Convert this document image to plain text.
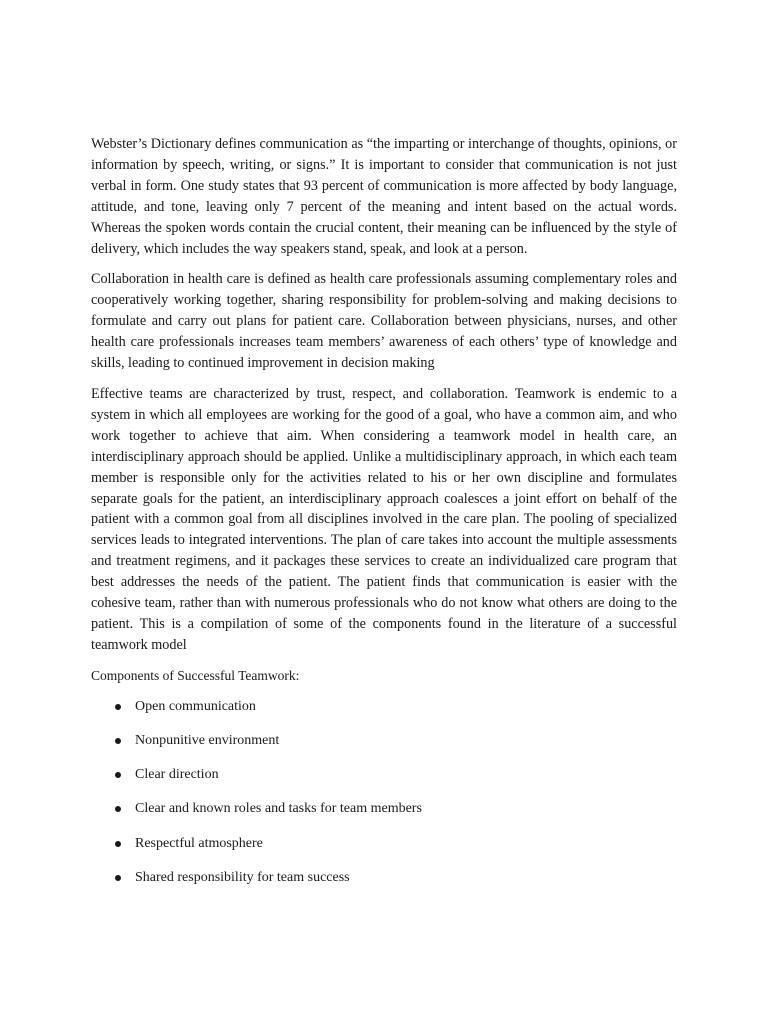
Webster’s Dictionary defines communication as “the imparting or interchange of thoughts, opinions, or information by speech, writing, or signs.” It is important to consider that communication is not just verbal in form. One study states that 93 percent of communication is more affected by body language, attitude, and tone, leaving only 7 percent of the meaning and intent based on the actual words. Whereas the spoken words contain the crucial content, their meaning can be influenced by the style of delivery, which includes the way speakers stand, speak, and look at a person.

Collaboration in health care is defined as health care professionals assuming complementary roles and cooperatively working together, sharing responsibility for problem-solving and making decisions to formulate and carry out plans for patient care. Collaboration between physicians, nurses, and other health care professionals increases team members’ awareness of each others’ type of knowledge and skills, leading to continued improvement in decision making

Effective teams are characterized by trust, respect, and collaboration. Teamwork is endemic to a system in which all employees are working for the good of a goal, who have a common aim, and who work together to achieve that aim. When considering a teamwork model in health care, an interdisciplinary approach should be applied. Unlike a multidisciplinary approach, in which each team member is responsible only for the activities related to his or her own discipline and formulates separate goals for the patient, an interdisciplinary approach coalesces a joint effort on behalf of the patient with a common goal from all disciplines involved in the care plan. The pooling of specialized services leads to integrated interventions. The plan of care takes into account the multiple assessments and treatment regimens, and it packages these services to create an individualized care program that best addresses the needs of the patient. The patient finds that communication is easier with the cohesive team, rather than with numerous professionals who do not know what others are doing to the patient. This is a compilation of some of the components found in the literature of a successful teamwork model

Components of Successful Teamwork:

Open communication
Nonpunitive environment
Clear direction
Clear and known roles and tasks for team members
Respectful atmosphere
Shared responsibility for team success
